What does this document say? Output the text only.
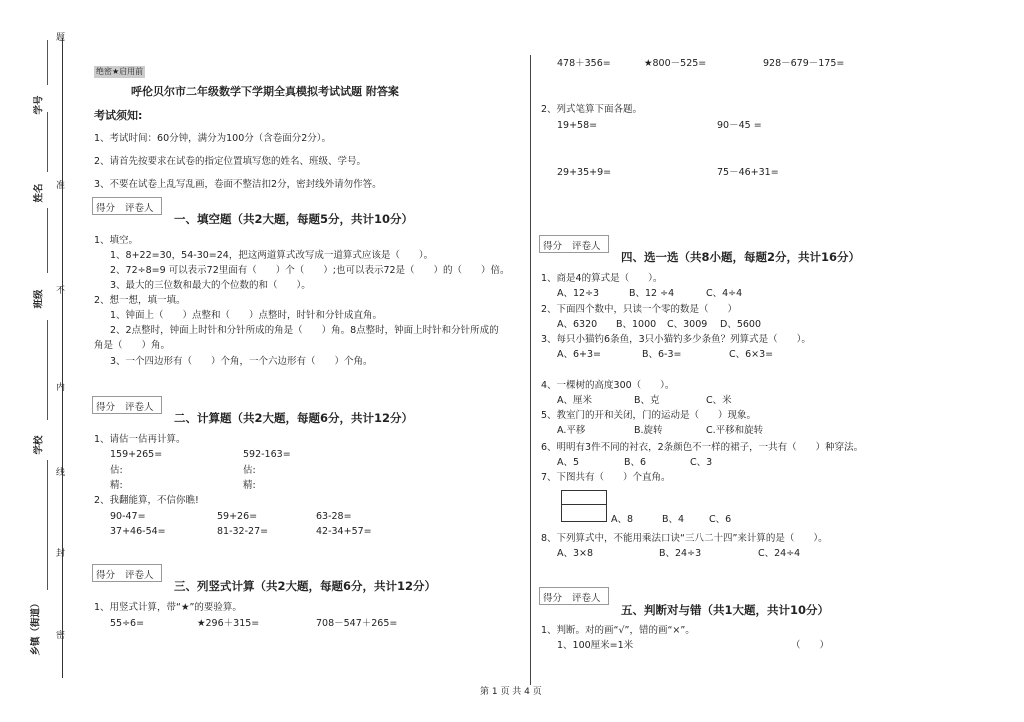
题
准
不
内
线
封
密
学号
姓名
班级
学校
乡镇（街道）
绝密★启用前
呼伦贝尔市二年级数学下学期全真模拟考试试题 附答案
考试须知:
1、考试时间：60分钟，满分为100分（含卷面分2分）。
2、请首先按要求在试卷的指定位置填写您的姓名、班级、学号。
3、不要在试卷上乱写乱画，卷面不整洁扣2分，密封线外请勿作答。
得分 评卷人
一、填空题（共2大题，每题5分，共计10分）
1、填空。
1、8+22=30，54-30=24，把这两道算式改写成一道算式应该是（　　）。
2、72÷8=9 可以表示72里面有（　　）个（　　）;也可以表示72是（　　）的（　　）倍。
3、最大的三位数和最大的个位数的和（　　）。
2、想一想，填一填。
1、钟面上（　　）点整和（　　）点整时，时针和分针成直角。
2、2点整时，钟面上时针和分针所成的角是（　　）角。8点整时，钟面上时针和分针所成的
角是（　　）角。
3、一个四边形有（　　）个角，一个六边形有（　　）个角。
得分 评卷人
二、计算题（共2大题，每题6分，共计12分）
1、请估一估再计算。
159+265=	592-163=
估:	估:
精:	精:
2、我翻能算，不信你瞧!
90-47=	59+26=	63-28=
37+46-54=	81-32-27=	42-34+57=
得分 评卷人
三、列竖式计算（共2大题，每题6分，共计12分）
1、用竖式计算，带“★”的要验算。
55÷6=	★296＋315=	708－547＋265=
478＋356=	★800－525=	928－679－175=
2、列式笔算下面各题。
19+58=	90－45 =
29+35+9=	75－46+31=
得分 评卷人
四、选一选（共8小题，每题2分，共计16分）
1、商是4的算式是（　　）。
A、12÷3	B、12 ÷4	C、4÷4
2、下面四个数中，只读一个零的数是（　　）
A、6320 B、1000 C、3009 D、5600
3、每只小猫钓6条鱼，3只小猫钓多少条鱼？列算式是（　　）。
A、6+3=	B、6-3=	C、6×3=
4、一棵树的高度300（　　）。
A、厘米	B、克	C、米
5、教室门的开和关闭，门的运动是（　　）现象。
A.平移	B.旋转	C.平移和旋转
6、明明有3件不同的衬衣，2条颜色不一样的裙子，一共有（　　）种穿法。
A、5	B、6	C、3
7、下图共有（　　）个直角。
A、8	B、4	C、6
8、下列算式中，不能用乘法口诀“三八二十四”来计算的是（　　）。
A、3×8	B、24÷3	C、24÷4
得分 评卷人
五、判断对与错（共1大题，共计10分）
1、判断。对的画“√”，错的画“×”。
1、100厘米=1米	（　　）
第 1 页 共 4 页
